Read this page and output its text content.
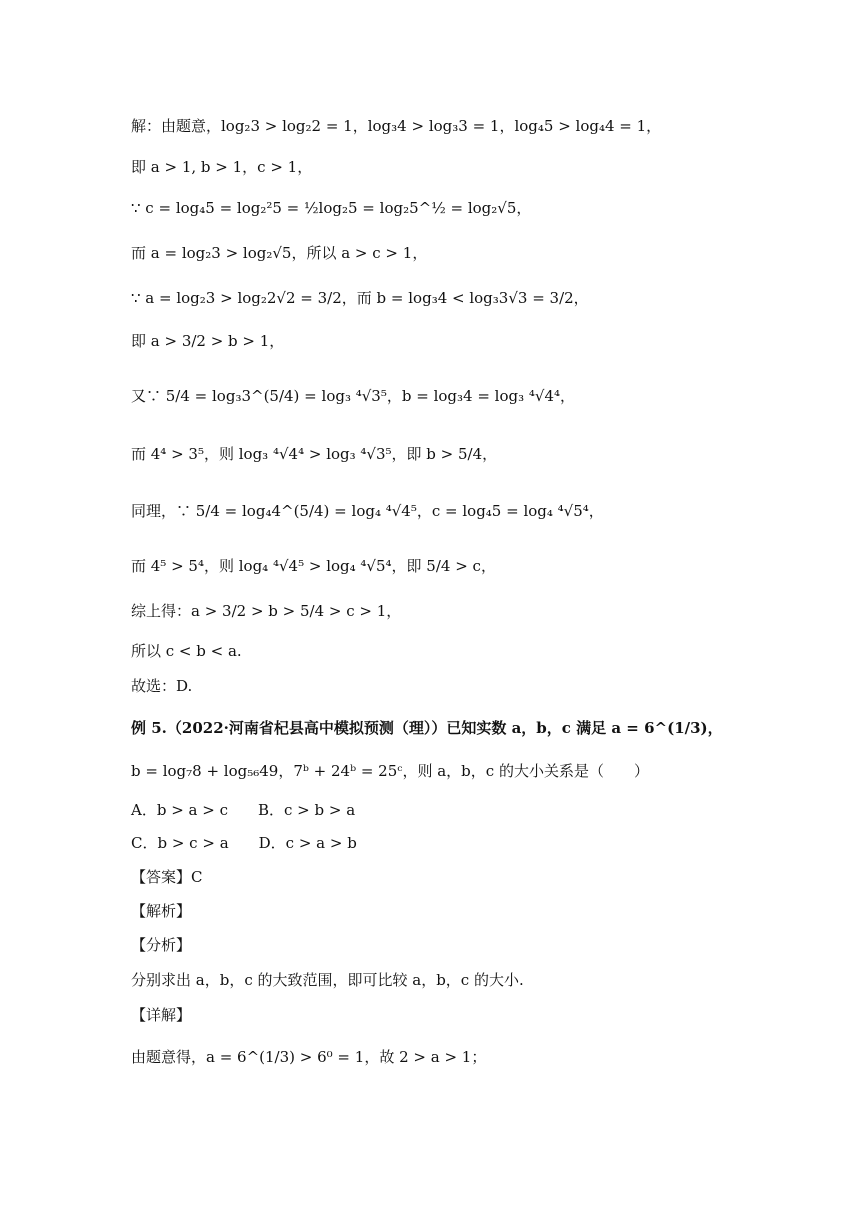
解：由题意，log₂3 > log₂2 = 1，log₃4 > log₃3 = 1，log₄5 > log₄4 = 1，
即 a > 1, b > 1，c > 1，
∵ c = log₄5 = log₂²5 = ½log₂5 = log₂5^½ = log₂√5，
而 a = log₂3 > log₂√5，所以 a > c > 1，
∵ a = log₂3 > log₂2√2 = 3/2，而 b = log₃4 < log₃3√3 = 3/2，
即 a > 3/2 > b > 1，
又∵ 5/4 = log₃3^(5/4) = log₃ ⁴√3⁵，b = log₃4 = log₃ ⁴√4⁴，
而 4⁴ > 3⁵，则 log₃ ⁴√4⁴ > log₃ ⁴√3⁵，即 b > 5/4，
同理，∵ 5/4 = log₄4^(5/4) = log₄ ⁴√4⁵，c = log₄5 = log₄ ⁴√5⁴，
而 4⁵ > 5⁴，则 log₄ ⁴√4⁵ > log₄ ⁴√5⁴，即 5/4 > c，
综上得：a > 3/2 > b > 5/4 > c > 1，
所以 c < b < a.
故选：D.
例 5.（2022·河南省杞县高中模拟预测（理））已知实数 a，b，c 满足 a = 6^(1/3)，
b = log₇8 + log₅₆49，7ᵇ + 24ᵇ = 25ᶜ，则 a，b，c 的大小关系是（　　）
A．b > a > c　　B．c > b > a
C．b > c > a　　D．c > a > b
【答案】C
【解析】
【分析】
分别求出 a，b，c 的大致范围，即可比较 a，b，c 的大小.
【详解】
由题意得，a = 6^(1/3) > 6⁰ = 1，故 2 > a > 1；
